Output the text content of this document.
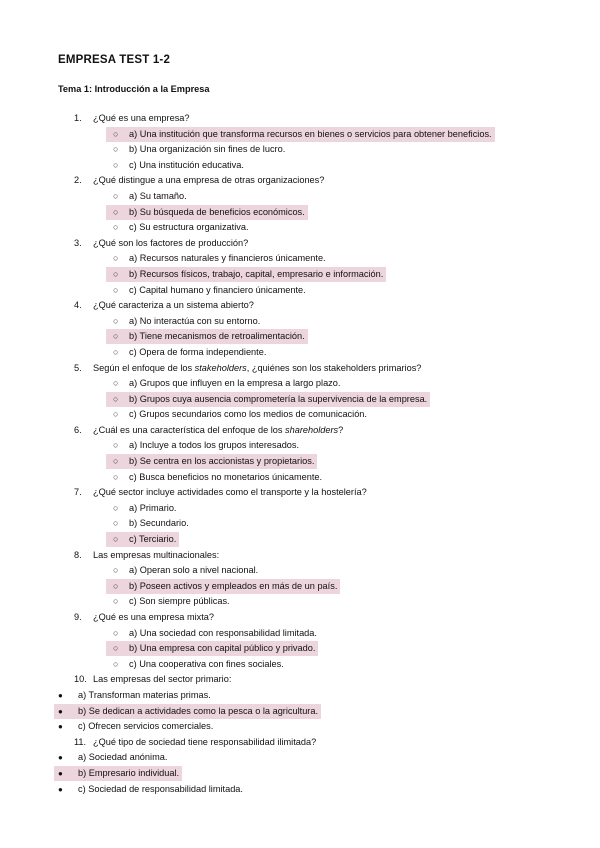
EMPRESA TEST 1-2
Tema 1: Introducción a la Empresa
1. ¿Qué es una empresa?
○ a) Una institución que transforma recursos en bienes o servicios para obtener beneficios.
○ b) Una organización sin fines de lucro.
○ c) Una institución educativa.
2. ¿Qué distingue a una empresa de otras organizaciones?
○ a) Su tamaño.
○ b) Su búsqueda de beneficios económicos.
○ c) Su estructura organizativa.
3. ¿Qué son los factores de producción?
○ a) Recursos naturales y financieros únicamente.
○ b) Recursos físicos, trabajo, capital, empresario e información.
○ c) Capital humano y financiero únicamente.
4. ¿Qué caracteriza a un sistema abierto?
○ a) No interactúa con su entorno.
○ b) Tiene mecanismos de retroalimentación.
○ c) Opera de forma independiente.
5. Según el enfoque de los stakeholders, ¿quiénes son los stakeholders primarios?
○ a) Grupos que influyen en la empresa a largo plazo.
○ b) Grupos cuya ausencia comprometería la supervivencia de la empresa.
○ c) Grupos secundarios como los medios de comunicación.
6. ¿Cuál es una característica del enfoque de los shareholders?
○ a) Incluye a todos los grupos interesados.
○ b) Se centra en los accionistas y propietarios.
○ c) Busca beneficios no monetarios únicamente.
7. ¿Qué sector incluye actividades como el transporte y la hostelería?
○ a) Primario.
○ b) Secundario.
○ c) Terciario.
8. Las empresas multinacionales:
○ a) Operan solo a nivel nacional.
○ b) Poseen activos y empleados en más de un país.
○ c) Son siempre públicas.
9. ¿Qué es una empresa mixta?
○ a) Una sociedad con responsabilidad limitada.
○ b) Una empresa con capital público y privado.
○ c) Una cooperativa con fines sociales.
10. Las empresas del sector primario:
● a) Transforman materias primas.
● b) Se dedican a actividades como la pesca o la agricultura.
● c) Ofrecen servicios comerciales.
11. ¿Qué tipo de sociedad tiene responsabilidad ilimitada?
● a) Sociedad anónima.
● b) Empresario individual.
● c) Sociedad de responsabilidad limitada.
